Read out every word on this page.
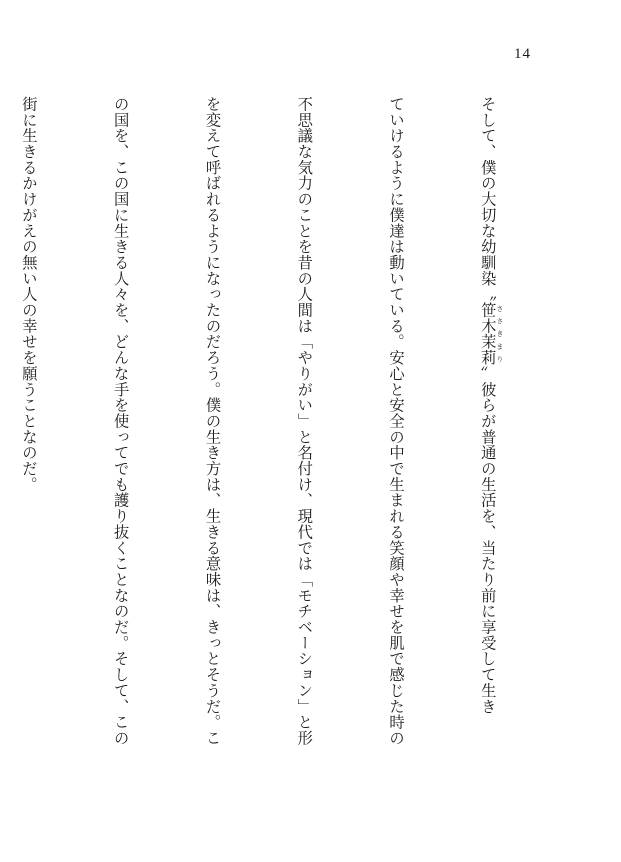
14

そして、僕の大切な幼馴染〝笹木茉莉 ささきまり〟彼らが普通の生活を、当たり前に享受して生き

ていけるように僕達は動いている。安心と安全の中で生まれる笑顔や幸せを肌で感じた時の

不思議な気力のことを昔の人間は「やりがい」と名付け、現代では「モチベーション」と形

を変えて呼ばれるようになったのだろう。僕の生き方は、生きる意味は、きっとそうだ。こ

の国を、この国に生きる人々を、どんな手を使ってでも護り抜くことなのだ。そして、この

街に生きるかけがえの無い人の幸せを願うことなのだ。
